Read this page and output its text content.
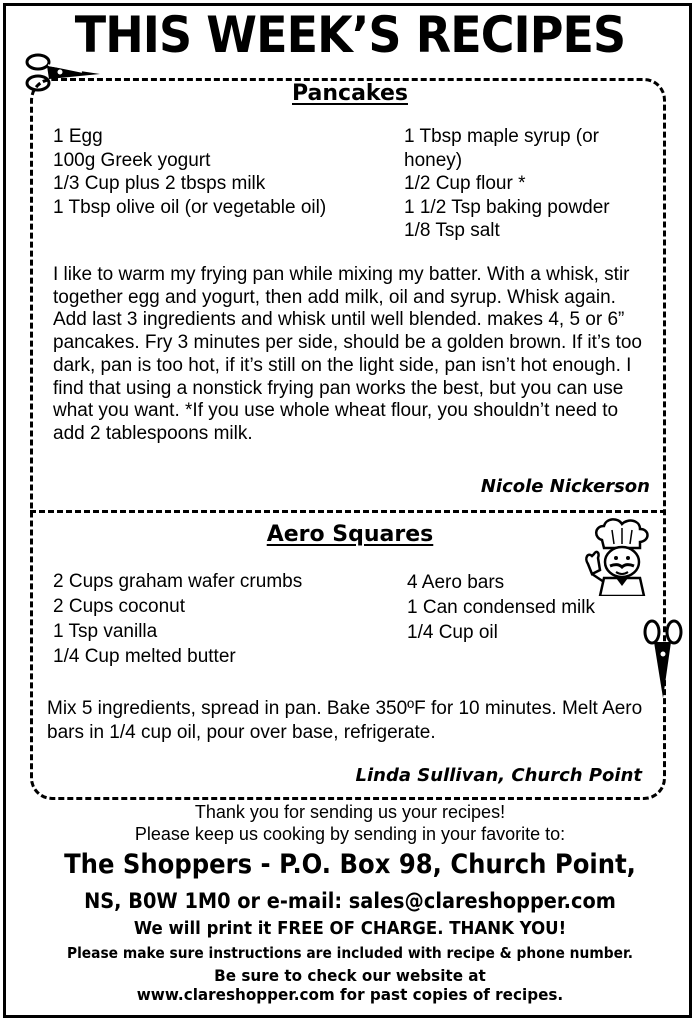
THIS WEEK’S RECIPES
Pancakes
1 Egg
100g Greek yogurt
1/3 Cup plus 2 tbsps milk
1 Tbsp olive oil (or vegetable oil)
1 Tbsp maple syrup (or honey)
1/2 Cup flour *
1 1/2 Tsp baking powder
1/8 Tsp salt

I like to warm my frying pan while mixing my batter. With a whisk, stir together egg and yogurt, then add milk, oil and syrup. Whisk again. Add last 3 ingredients and whisk until well blended. makes 4, 5 or 6” pancakes. Fry 3 minutes per side, should be a golden brown. If it’s too dark, pan is too hot, if it’s still on the light side, pan isn’t hot enough. I find that using a nonstick frying pan works the best, but you can use what you want. *If you use whole wheat flour, you shouldn’t need to add 2 tablespoons milk.

Nicole Nickerson
Aero Squares
2 Cups graham wafer crumbs
2 Cups coconut
1 Tsp vanilla
1/4 Cup melted butter
4 Aero bars
1 Can condensed milk
1/4 Cup oil

Mix 5 ingredients, spread in pan. Bake 350ºF for 10 minutes. Melt Aero bars in 1/4 cup oil, pour over base, refrigerate.

Linda Sullivan, Church Point
Thank you for sending us your recipes!
Please keep us cooking by sending in your favorite to:
The Shoppers - P.O. Box 98, Church Point,
NS, B0W 1M0 or e-mail: sales@clareshopper.com
We will print it FREE OF CHARGE. THANK YOU!
Please make sure instructions are included with recipe & phone number.
Be sure to check our website at
www.clareshopper.com for past copies of recipes.
